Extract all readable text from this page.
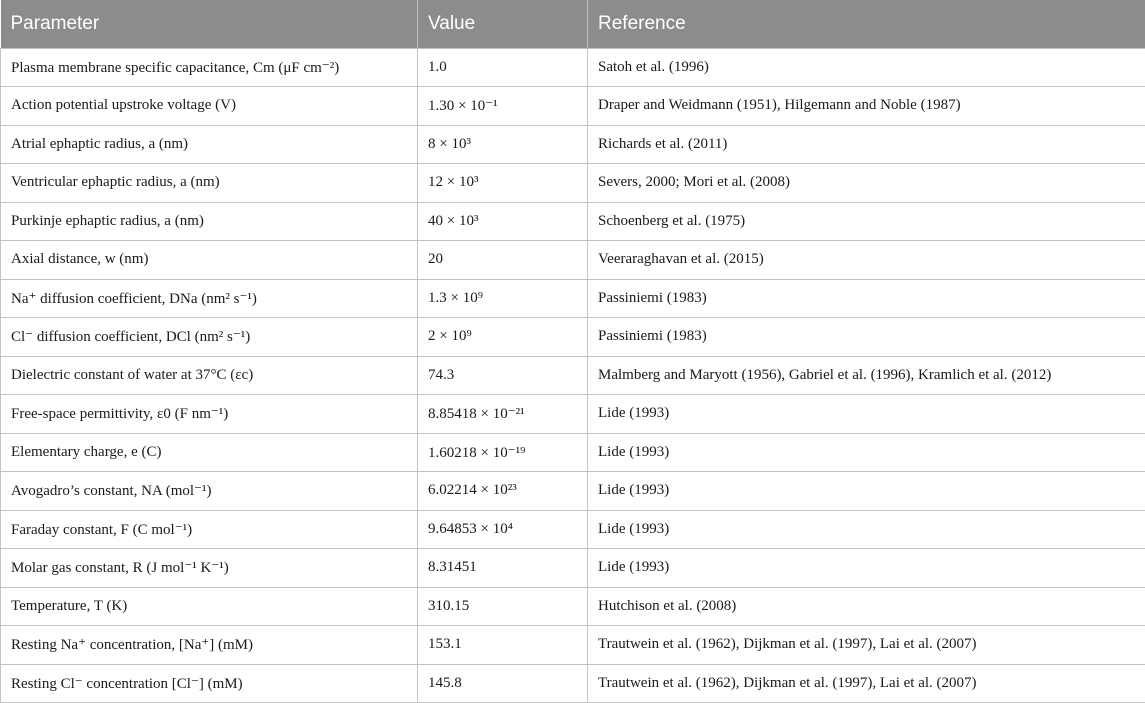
Parameter	Value	Reference
Plasma membrane specific capacitance, Cm (μF cm⁻²)	1.0	Satoh et al. (1996)
Action potential upstroke voltage (V)	1.30 × 10⁻¹	Draper and Weidmann (1951), Hilgemann and Noble (1987)
Atrial ephaptic radius, a (nm)	8 × 10³	Richards et al. (2011)
Ventricular ephaptic radius, a (nm)	12 × 10³	Severs, 2000; Mori et al. (2008)
Purkinje ephaptic radius, a (nm)	40 × 10³	Schoenberg et al. (1975)
Axial distance, w (nm)	20	Veeraraghavan et al. (2015)
Na⁺ diffusion coefficient, DNa (nm² s⁻¹)	1.3 × 10⁹	Passiniemi (1983)
Cl⁻ diffusion coefficient, DCl (nm² s⁻¹)	2 × 10⁹	Passiniemi (1983)
Dielectric constant of water at 37°C (εc)	74.3	Malmberg and Maryott (1956), Gabriel et al. (1996), Kramlich et al. (2012)
Free-space permittivity, ε0 (F nm⁻¹)	8.85418 × 10⁻²¹	Lide (1993)
Elementary charge, e (C)	1.60218 × 10⁻¹⁹	Lide (1993)
Avogadro’s constant, NA (mol⁻¹)	6.02214 × 10²³	Lide (1993)
Faraday constant, F (C mol⁻¹)	9.64853 × 10⁴	Lide (1993)
Molar gas constant, R (J mol⁻¹ K⁻¹)	8.31451	Lide (1993)
Temperature, T (K)	310.15	Hutchison et al. (2008)
Resting Na⁺ concentration, [Na⁺] (mM)	153.1	Trautwein et al. (1962), Dijkman et al. (1997), Lai et al. (2007)
Resting Cl⁻ concentration [Cl⁻] (mM)	145.8	Trautwein et al. (1962), Dijkman et al. (1997), Lai et al. (2007)
